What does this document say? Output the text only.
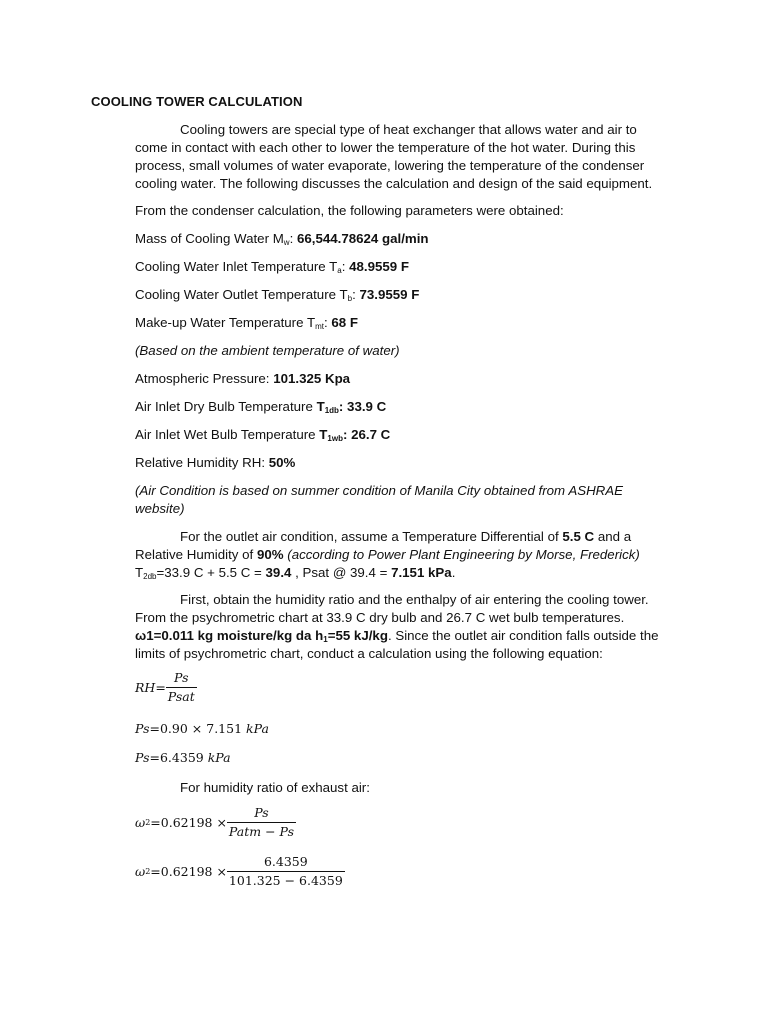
COOLING TOWER CALCULATION
Cooling towers are special type of heat exchanger that allows water and air to come in contact with each other to lower the temperature of the hot water. During this process, small volumes of water evaporate, lowering the temperature of the condenser cooling water. The following discusses the calculation and design of the said equipment.
From the condenser calculation, the following parameters were obtained:
Mass of Cooling Water $M_w$: 66,544.78624 gal/min
Cooling Water Inlet Temperature $T_a$: 48.9559 F
Cooling Water Outlet Temperature $T_b$: 73.9559 F
Make-up Water Temperature $T_{mt}$: 68 F
(Based on the ambient temperature of water)
Atmospheric Pressure: 101.325 Kpa
Air Inlet Dry Bulb Temperature $T_{1db}$: 33.9 C
Air Inlet Wet Bulb Temperature $T_{1wb}$: 26.7 C
Relative Humidity RH: 50%
(Air Condition is based on summer condition of Manila City obtained from ASHRAE website)
For the outlet air condition, assume a Temperature Differential of 5.5 C and a Relative Humidity of 90% (according to Power Plant Engineering by Morse, Frederick) $T_{2db}=33.9$ C + 5.5 C = 39.4 , Psat @ 39.4 = 7.151 kPa.
First, obtain the humidity ratio and the enthalpy of air entering the cooling tower. From the psychrometric chart at 33.9 C dry bulb and 26.7 C wet bulb temperatures. ω1=0.011 kg moisture/kg da $h_1=55$ kJ/kg. Since the outlet air condition falls outside the limits of psychrometric chart, conduct a calculation using the following equation:
RH = $\frac{Ps}{\text{Psat}}$
Ps = 0.90 × 7.151
kPa
Ps = 6.4359
kPa
For humidity ratio of exhaust air:
ω $2 = 0.62198 \times \frac{Ps}{\text{Patm − Ps}}$
ω $2 = 0.62198 \times \frac{6.4359}{101.325 - 6.4359}$
